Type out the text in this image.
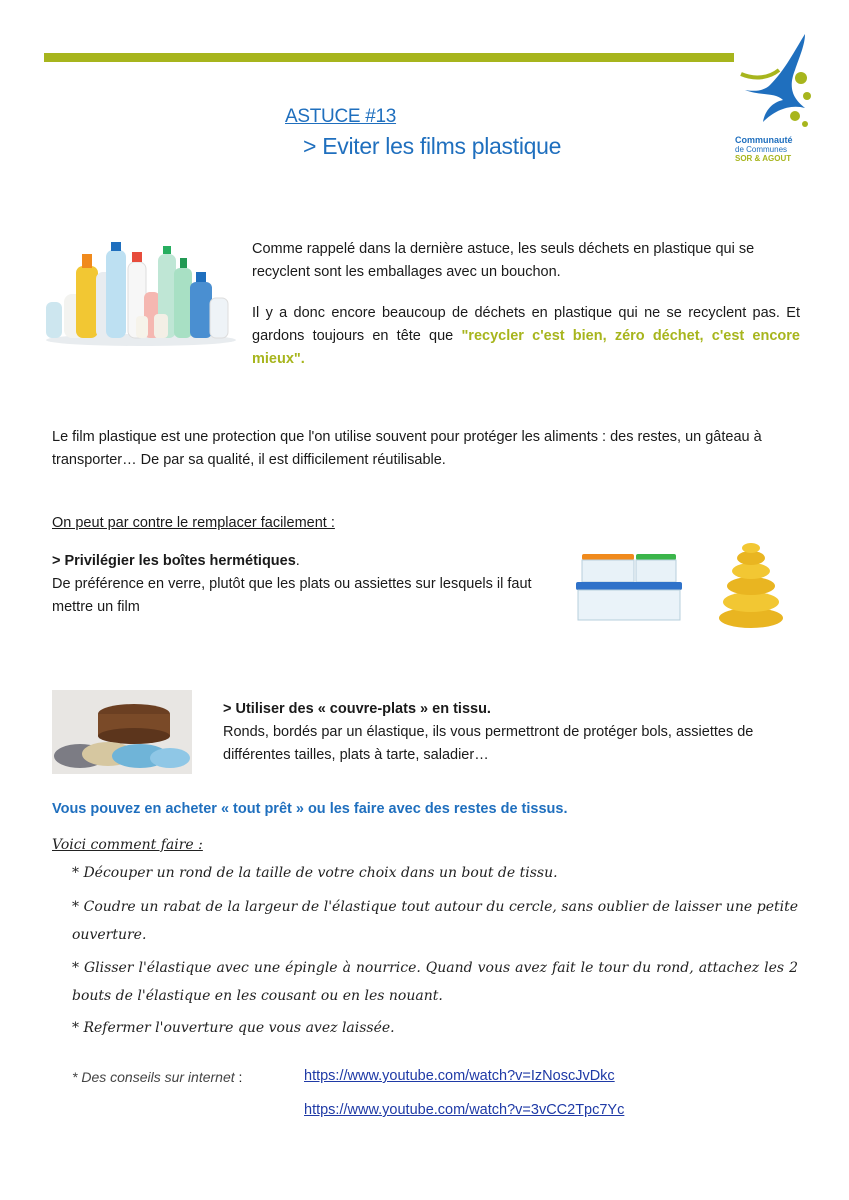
Communauté
de Communes
SOR & AGOUT
ASTUCE #13
> Eviter les films plastique
Comme rappelé dans la dernière astuce, les seuls déchets en plastique qui se recyclent sont les emballages avec un bouchon.
Il y a donc encore beaucoup de déchets en plastique qui ne se recyclent pas. Et gardons toujours en tête que "recycler c'est bien, zéro déchet, c'est encore mieux".
Le film plastique est une protection que l'on utilise souvent pour protéger les aliments : des restes, un gâteau à transporter… De par sa qualité, il est difficilement réutilisable.
On peut par contre le remplacer facilement :
> Privilégier les boîtes hermétiques.
De préférence en verre, plutôt que les plats ou assiettes sur lesquels il faut mettre un film
> Utiliser des « couvre-plats » en tissu.
Ronds, bordés par un élastique, ils vous permettront de protéger bols, assiettes de différentes tailles, plats à tarte, saladier…
Vous pouvez en acheter « tout prêt » ou les faire avec des restes de tissus.
Voici comment faire :
* Découper un rond de la taille de votre choix dans un bout de tissu.
* Coudre un rabat de la largeur de l'élastique tout autour du cercle, sans oublier de laisser une petite ouverture.
* Glisser l'élastique avec une épingle à nourrice. Quand vous avez fait le tour du rond, attachez les 2 bouts de l'élastique en les cousant ou en les nouant.
* Refermer l'ouverture que vous avez laissée.
* Des conseils sur internet :	https://www.youtube.com/watch?v=IzNoscJvDkc
https://www.youtube.com/watch?v=3vCC2Tpc7Yc
